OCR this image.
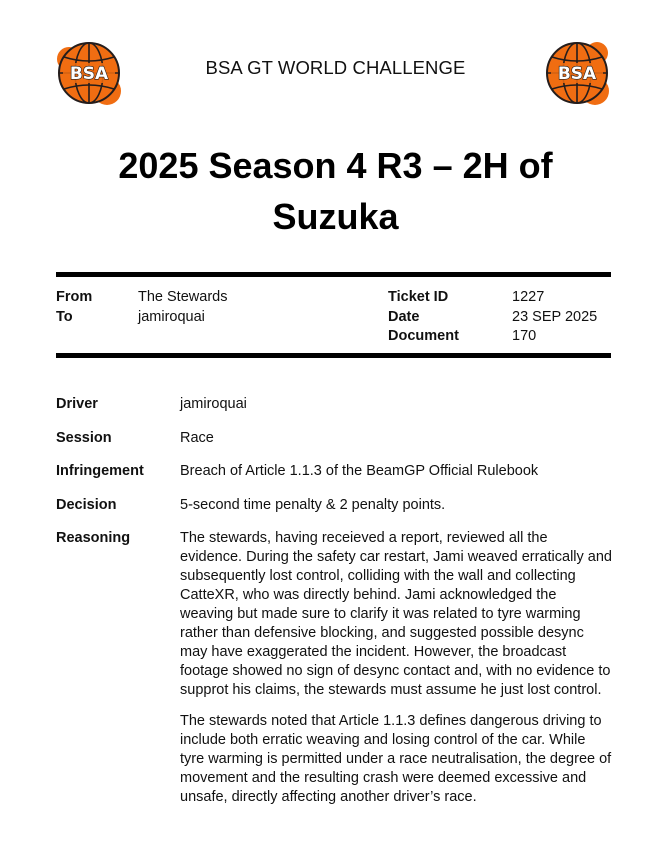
BSA	BSA GT WORLD CHALLENGE	BSA
2025 Season 4 R3 – 2H of Suzuka
From	The Stewards
To	jamiroquai
Ticket ID	1227
Date	23 SEP 2025
Document	170
Driver	jamiroquai
Session	Race
Infringement	Breach of Article 1.1.3 of the BeamGP Official Rulebook
Decision	5-second time penalty & 2 penalty points.
Reasoning	The stewards, having receieved a report, reviewed all the evidence. During the safety car restart, Jami weaved erratically and subsequently lost control, colliding with the wall and collecting CatteXR, who was directly behind. Jami acknowledged the weaving but made sure to clarify it was related to tyre warming rather than defensive blocking, and suggested possible desync may have exaggerated the incident. However, the broadcast footage showed no sign of desync contact and, with no evidence to supprot his claims, the stewards must assume he just lost control.

The stewards noted that Article 1.1.3 defines dangerous driving to include both erratic weaving and losing control of the car. While tyre warming is permitted under a race neutralisation, the degree of movement and the resulting crash were deemed excessive and unsafe, directly affecting another driver’s race.
